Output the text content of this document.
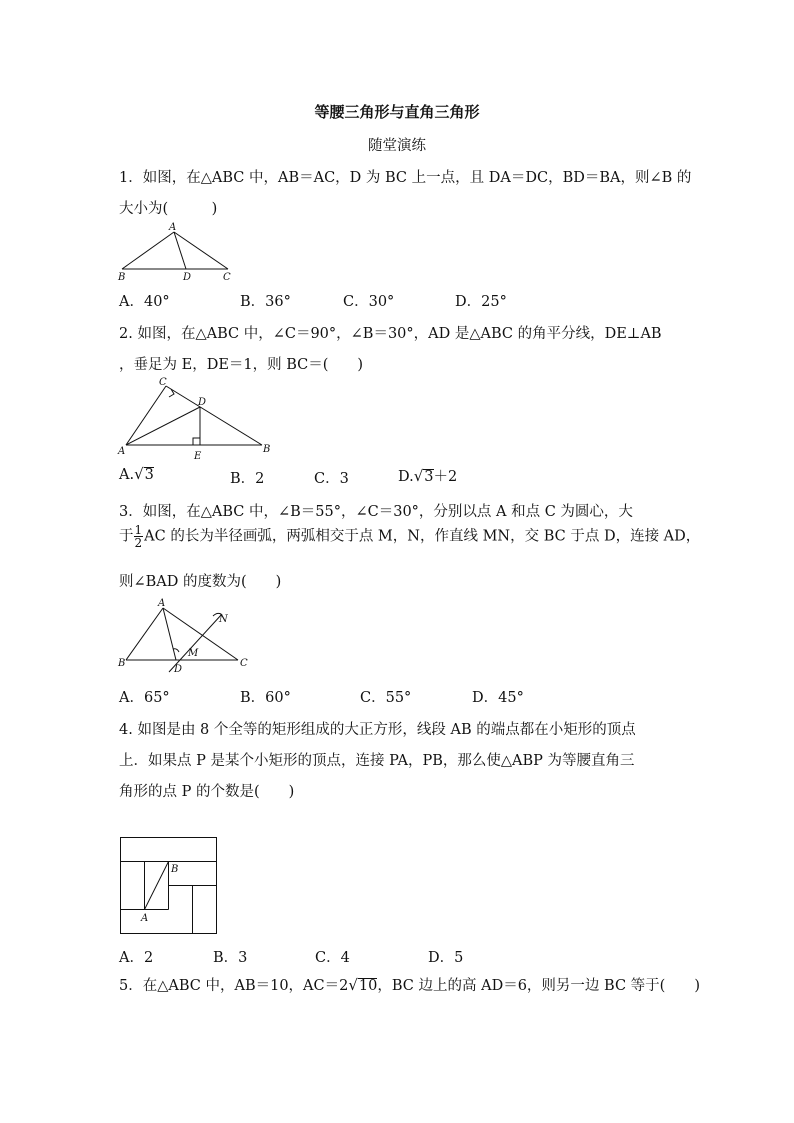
等腰三角形与直角三角形
随堂演练
1．如图，在△ABC 中，AB＝AC，D 为 BC 上一点，且 DA＝DC，BD＝BA，则∠B 的
大小为(　　　)
A
B	D	C
A．40°	B．36°	C．30°	D．25°
2. 如图，在△ABC 中，∠C＝90°，∠B＝30°，AD 是△ABC 的角平分线，DE⊥AB
，垂足为 E，DE＝1，则 BC＝(　　)
C
D
A	E
B
A.√3	B．2	C．3	D.√3＋2
3．如图，在△ABC 中，∠B＝55°，∠C＝30°，分别以点 A 和点 C 为圆心，大
于 $\frac{1}{2}$ AC 的长为半径画弧，两弧相交于点 M，N，作直线 MN，交 BC 于点 D，连接 AD，
则∠BAD 的度数为(　　)
A
N
M
B
D
C
A．65°	B．60°	C．55°	D．45°
4. 如图是由 8 个全等的矩形组成的大正方形，线段 AB 的端点都在小矩形的顶点
上．如果点 P 是某个小矩形的顶点，连接 PA，PB，那么使△ABP 为等腰直角三
角形的点 P 的个数是(　　)
B
A
A．2	B．3	C．4	D．5
5．在△ABC 中，AB＝10，AC＝2√10，BC 边上的高 AD＝6，则另一边 BC 等于(　　)
